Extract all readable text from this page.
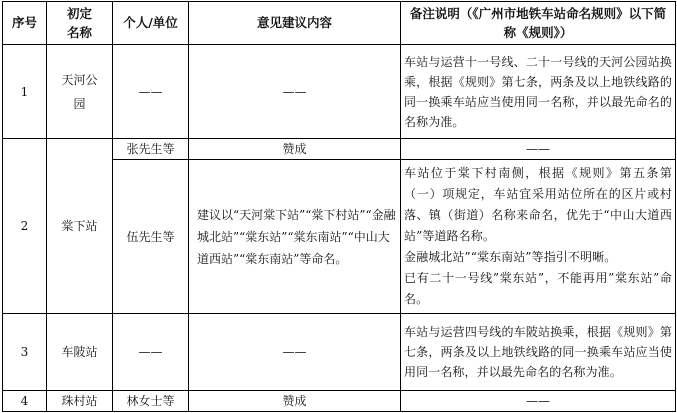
序号	初定名称	个人/单位	意见建议内容	备注说明（《广州市地铁车站命名规则》以下简称《规则》）
1	天河公园	——	——	车站与运营十一号线、二十一号线的天河公园站换乘，根据《规则》第七条，两条及以上地铁线路的同一换乘车站应当使用同一名称，并以最先命名的名称为准。

2	棠下站	张先生等	赞成	——
		伍先生等	建议以“天河棠下站”“棠下村站”“金融城北站”“棠东站”“棠东南站”“中山大道西站”“棠东南站”等命名。	车站位于棠下村南侧，根据《规则》第五条第（一）项规定，车站宜采用站位所在的区片或村落、镇（街道）名称来命名，优先于“中山大道西站”等道路名称。

金融城北站”“棠东南站”等指引不明晰。

已有二十一号线”棠东站”，不能再用”棠东站”命名。

3	车陂站	——	——	车站与运营四号线的车陂站换乘，根据《规则》第七条，两条及以上地铁线路的同一换乘车站应当使用同一名称，并以最先命名的名称为准。

4	珠村站	林女士等	赞成	——
